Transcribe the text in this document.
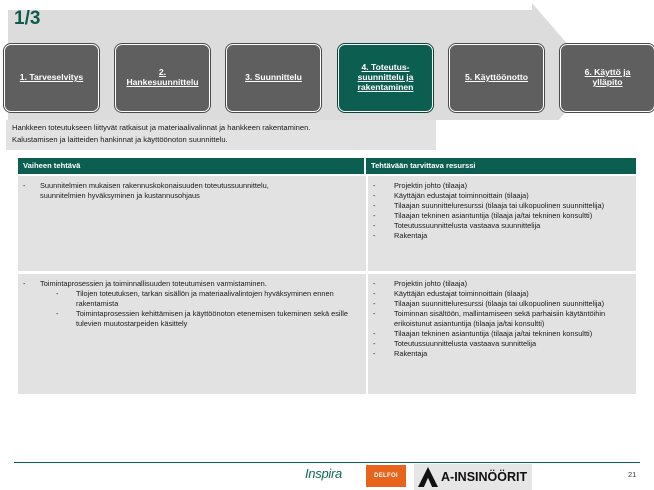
1/3
1. Tarveselvitys	2.
Hankesuunnittelu	3. Suunnittelu
4. Toteutus-
suunnittelu ja
rakentaminen
5. Käyttöönotto	6. Käyttö ja
ylläpito
Hankkeen toteutukseen liittyvät ratkaisut ja materiaalivalinnat ja hankkeen rakentaminen.
Kalustamisen ja laitteiden hankinnat ja käyttöönoton suunnittelu.
Vaiheen tehtävä	Tehtävään tarvittava resurssi
- Suunnitelmien mukaisen rakennuskokonaisuuden toteutussuunnittelu,
suunnitelmien hyväksyminen ja kustannusohjaus
-	Projektin johto (tilaaja)
-	Käyttäjän edustajat toiminnoittain (tilaaja)
-	Tilaajan suunnitteluresurssi (tilaaja tai ulkopuolinen suunnittelija)
-	Tilaajan tekninen asiantuntija (tilaaja ja/tai tekninen konsultti)
-	Toteutussuunnittelusta vastaava suunnittelija
-	Rakentaja
- Toimintaprosessien ja toiminnallisuuden toteutumisen varmistaminen.
- Tilojen toteutuksen, tarkan sisällön ja materiaalivalintojen hyväksyminen ennen rakentamista
- Toimintaprosessien kehittämisen ja käyttöönoton etenemisen tukeminen sekä esille tulevien muutostarpeiden käsittely
-	Projektin johto (tilaaja)
-	Käyttäjän edustajat toiminnoittain (tilaaja)
-	Tilaajan suunnitteluresurssi (tilaaja tai ulkopuolinen suunnittelija)
-	Toiminnan sisältöön, mallintamiseen sekä parhaisiin käytäntöihin erikoistunut asiantuntija (tilaaja ja/tai konsultti)
-	Tilaajan tekninen asiantuntija (tilaaja ja/tai tekninen konsultti)
-	Toteutussuunnittelusta vastaava sunnittelija
-	Rakentaja
Inspira	DELFOI	A-INSINÖÖRIT	21
